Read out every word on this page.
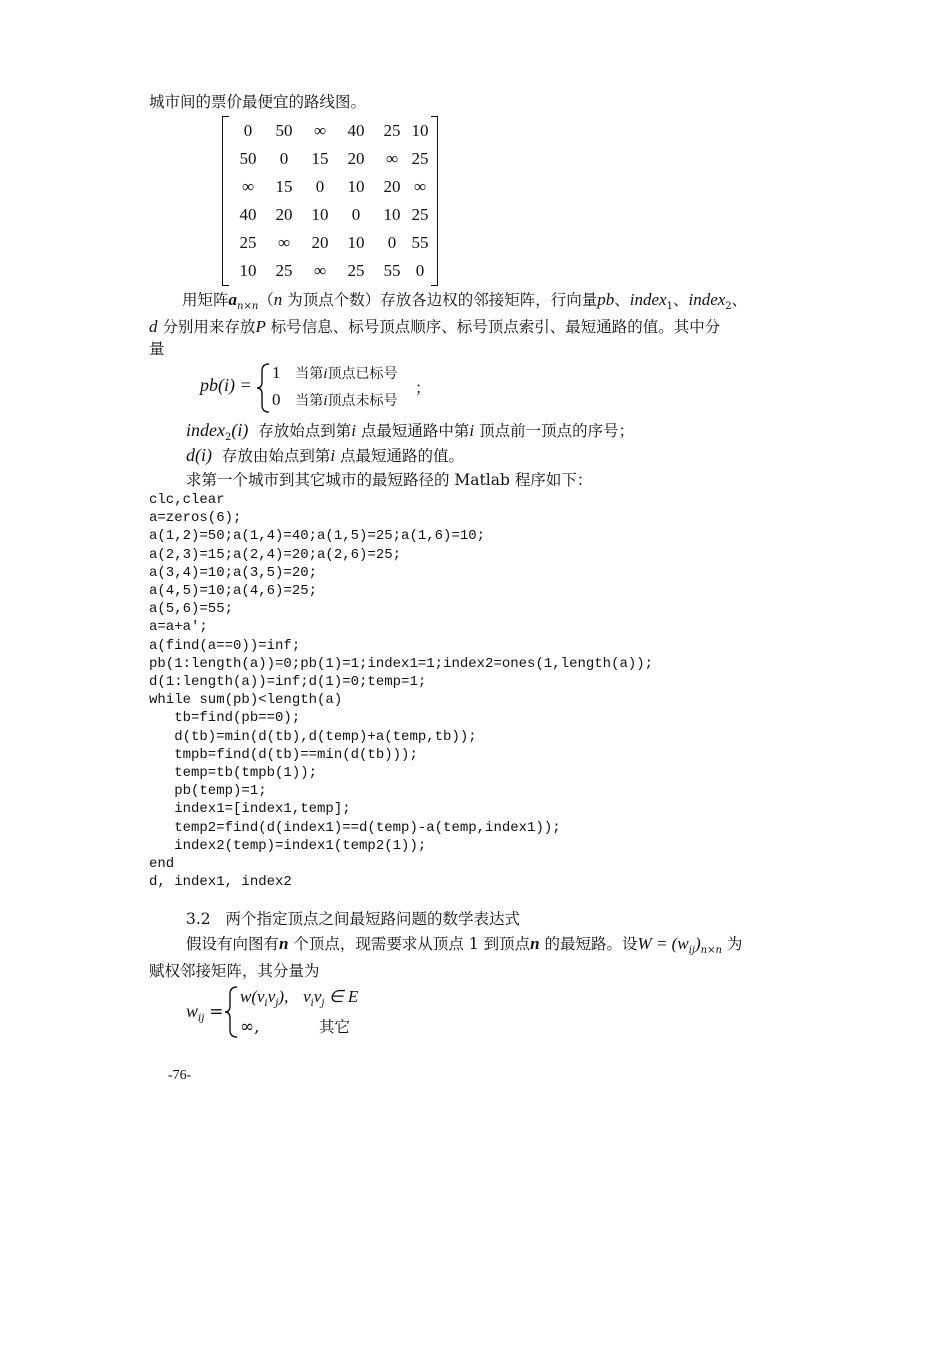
城市间的票价最便宜的路线图。
0	50	∞	40	25 10
50	0	15	20	∞ 25
∞	15	0	10	20 ∞
40	20	10	0	10 25
25	∞	20	10	0 55
10	25	∞	25	55 0
用矩阵$a_{n\times n}(n$ 为顶点个数）存放各边权的邻接矩阵，行向量pb、index$_1$、index$_2$、
d 分别用来存放P 标号信息、标号顶点顺序、标号顶点索引、最短通路的值。其中分
量
pb(i) =
1 当第i顶点已标号
0 当第i顶点未标号
；
index$_2$(i) 存放始点到第i 点最短通路中第i 顶点前一顶点的序号；
d(i) 存放由始点到第i 点最短通路的值。
求第一个城市到其它城市的最短路径的 Matlab 程序如下：
clc,clear
a=zeros(6);
a(1,2)=50;a(1,4)=40;a(1,5)=25;a(1,6)=10;
a(2,3)=15;a(2,4)=20;a(2,6)=25;
a(3,4)=10;a(3,5)=20;
a(4,5)=10;a(4,6)=25;
a(5,6)=55;
a=a+a';
a(find(a==0))=inf;
pb(1:length(a))=0;pb(1)=1;index1=1;index2=ones(1,length(a));
d(1:length(a))=inf;d(1)=0;temp=1;
while sum(pb)<length(a)
tb=find(pb==0);
d(tb)=min(d(tb),d(temp)+a(temp,tb));
tmpb=find(d(tb)==min(d(tb)));
temp=tb(tmpb(1));
pb(temp)=1;
index1=[index1,temp];
temp2=find(d(index1)==d(temp)-a(temp,index1));
index2(temp)=index1(temp2(1));
end
d, index1, index2
3.2 两个指定顶点之间最短路问题的数学表达式
假设有向图有n 个顶点，现需要求从顶点 1 到顶点n 的最短路。设$W = (w_{ij})_{n\times n}$ 为
赋权邻接矩阵，其分量为
$w_{ij}$ =
$w(v_iv_j)$, $v_iv_j$ ∈ E
∞,	其它
-76-
